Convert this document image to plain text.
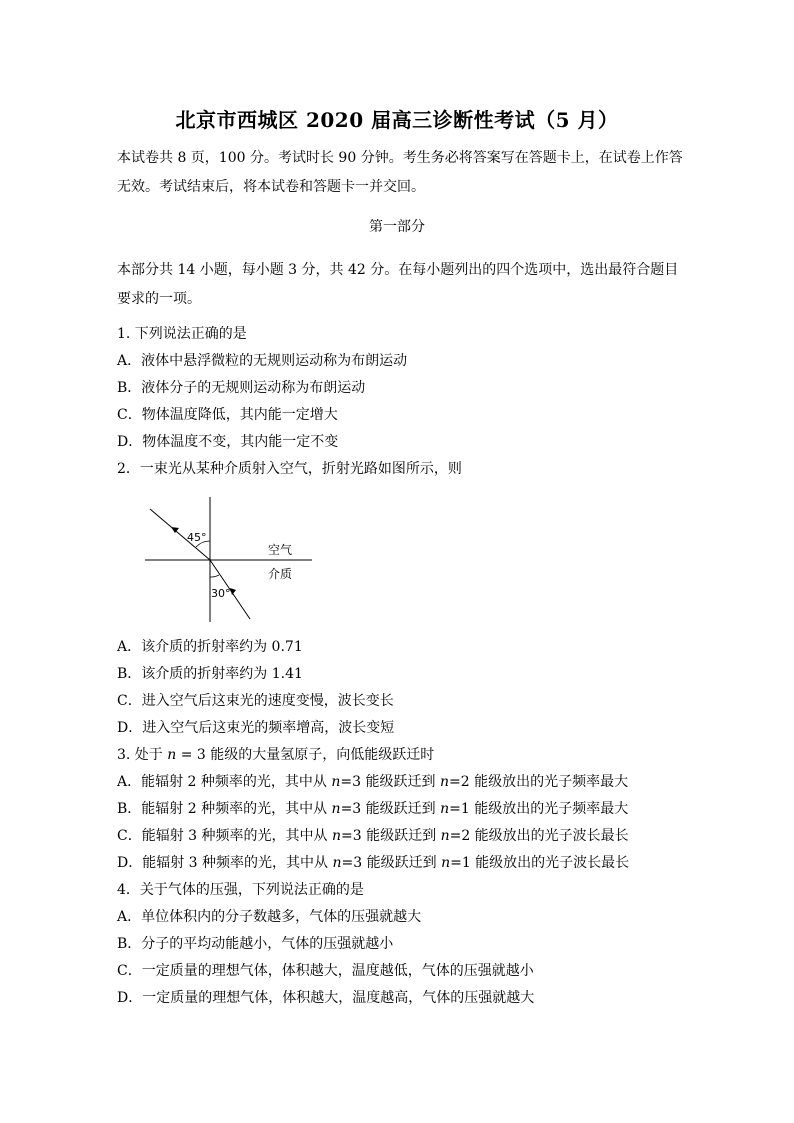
北京市西城区 2020 届高三诊断性考试（5 月）
本试卷共 8 页，100 分。考试时长 90 分钟。考生务必将答案写在答题卡上，在试卷上作答无效。考试结束后，将本试卷和答题卡一并交回。
第一部分
本部分共 14 小题，每小题 3 分，共 42 分。在每小题列出的四个选项中，选出最符合题目要求的一项。
1. 下列说法正确的是
A．液体中悬浮微粒的无规则运动称为布朗运动
B．液体分子的无规则运动称为布朗运动
C．物体温度降低，其内能一定增大
D．物体温度不变，其内能一定不变
2．一束光从某种介质射入空气，折射光路如图所示，则
45°
30°
空气
介质
A．该介质的折射率约为 0.71
B．该介质的折射率约为 1.41
C．进入空气后这束光的速度变慢，波长变长
D．进入空气后这束光的频率增高，波长变短
3. 处于 n = 3 能级的大量氢原子，向低能级跃迁时
A．能辐射 2 种频率的光，其中从 n=3 能级跃迁到 n=2 能级放出的光子频率最大
B．能辐射 2 种频率的光，其中从 n=3 能级跃迁到 n=1 能级放出的光子频率最大
C．能辐射 3 种频率的光，其中从 n=3 能级跃迁到 n=2 能级放出的光子波长最长
D．能辐射 3 种频率的光，其中从 n=3 能级跃迁到 n=1 能级放出的光子波长最长
4．关于气体的压强，下列说法正确的是
A．单位体积内的分子数越多，气体的压强就越大
B．分子的平均动能越小，气体的压强就越小
C．一定质量的理想气体，体积越大，温度越低，气体的压强就越小
D．一定质量的理想气体，体积越大，温度越高，气体的压强就越大
